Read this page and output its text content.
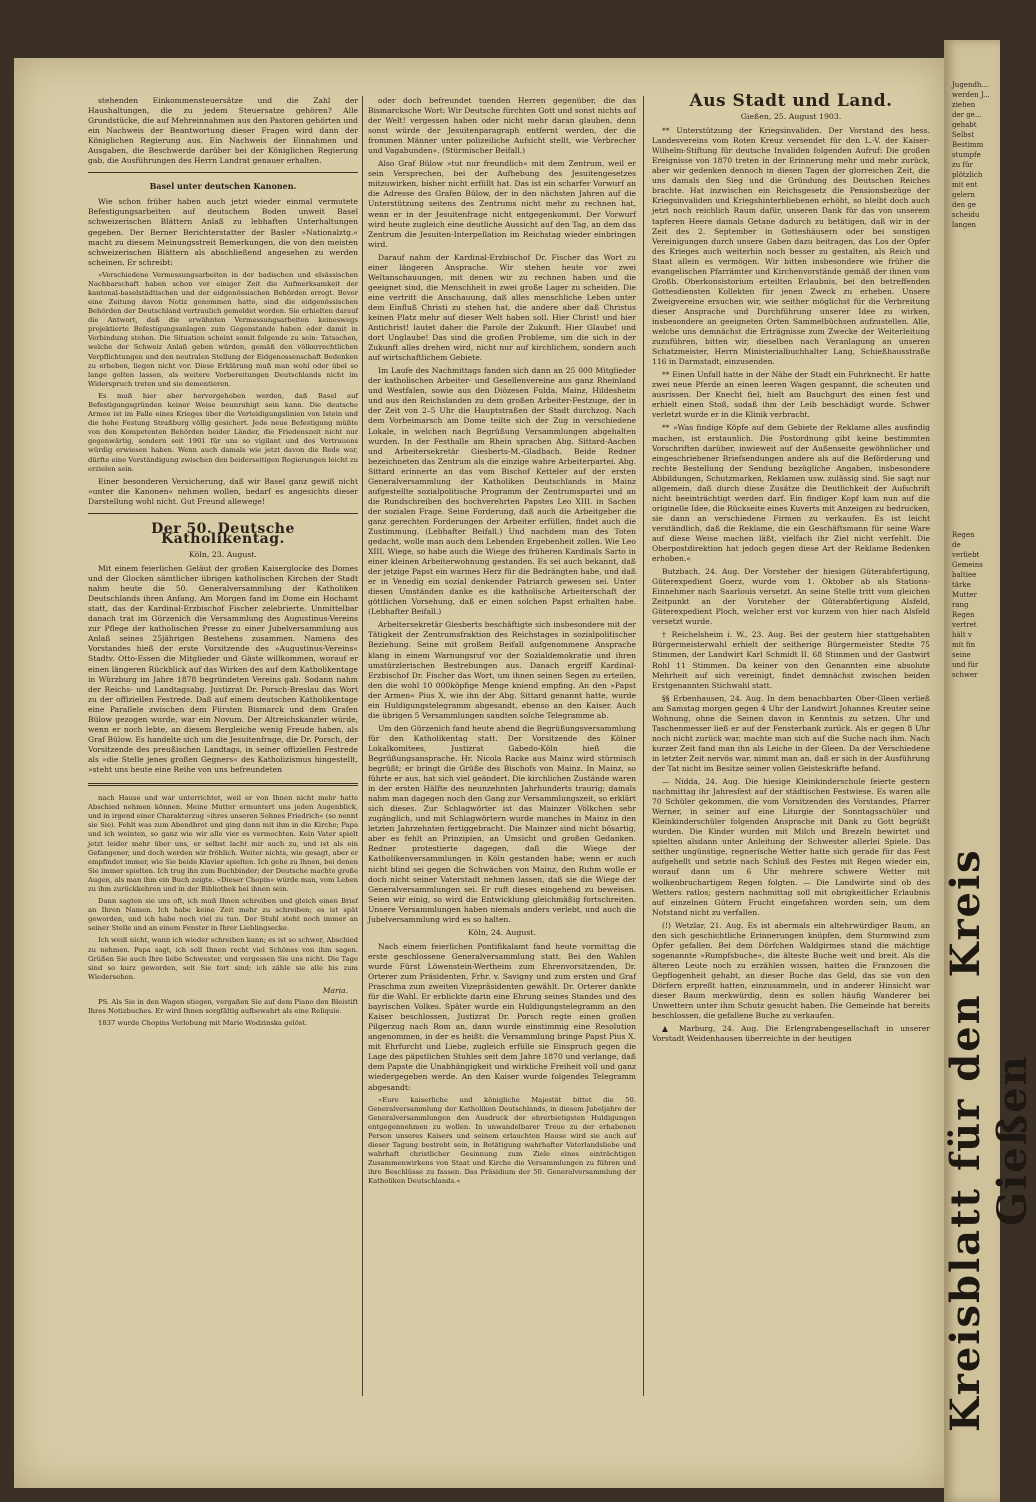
Jugendh...
werden J...
ziehen
der ge...
gehabt
Selbst
Bestimm
stumpfe
zu für
plötzlich
mit ent
gelern
den ge
scheidu
langen
Regen
de
verliebt
Gemeins
baltiee
tärke
Mutter
rang
Regen
vertret
hält v
mit fin
seine
und für
schwer
Kreisblatt für den Kreis Gießen

stehenden Einkommensteuersätze und die Zahl der Haushaltungen, die zu jedem Steuersatze gehören? Alle Grundstücke, die auf Mehreinnahmen aus den Pastoren gehörten und ein Nachweis der Beantwortung dieser Fragen wird dann der Königlichen Regierung aus. Ein Nachweis der Einnahmen und Ausgaben, die Beschwerde darüber bei der Königlichen Regierung gab, die Ausführungen des Herrn Landrat genauer erhalten.

Basel unter deutschen Kanonen.

Wie schon früher haben auch jetzt wieder einmal vermutete Befestigungsarbeiten auf deutschem Boden unweit Basel schweizerischen Blättern Anlaß zu lebhaften Unterhaltungen gegeben. Der Berner Berichterstatter der Basler »Nationalztg.« macht zu diesem Meinungsstreit Bemerkungen, die von den meisten schweizerischen Blättern als abschließend angesehen zu werden scheinen. Er schreibt:

»Verschiedene Vermessungsarbeiten in der badischen und elsässischen Nachbarschaft haben schon vor einiger Zeit die Aufmerksamkeit der kantonal-baselstädtischen und der eidgenössischen Behörden erregt. Bevor eine Zeitung davon Notiz genommen hatte, sind die eidgenössischen Behörden der Deutschland vertraulich gemeldet worden. Sie erhielten darauf die Antwort, daß die erwähnten Vermessungsarbeiten keineswegs projektierte Befestigungsanlagen zum Gegenstande haben oder damit in Verbindung stehen. Die Situation scheint somit folgende zu sein: Tatsachen, welche der Schweiz Anlaß geben würden, gemäß den völkerrechtlichen Verpflichtungen und den neutralen Stellung der Eidgenossenschaft Bedenken zu erheben, liegen nicht vor. Diese Erklärung muß man wohl oder übel so lange gelten lassen, als weitere Vorbereitungen Deutschlands nicht im Widerspruch treten und sie dementieren.

Es muß hier aber hervorgehoben werden, daß Basel auf Befestigungsgründen keiner Weise beunruhigt sein kann. Die deutsche Armee ist im Falle eines Krieges über die Verteidigungslinien von Istein und die hohe Festung Straßburg völlig gesichert. Jede neue Befestigung müßte von den Kompetenten Behörden beider Länder, die Friedenszeit nicht nur gegenwärtig, sondern seit 1901 für uns so vigilant und des Vertrauens würdig erwiesen haben. Wenn auch damals wie jetzt davon die Rede war, dürfte eine Verständigung zwischen den beiderseitigen Regierungen leicht zu erzielen sein.

Einer besonderen Versicherung, daß wir Basel ganz gewiß nicht »unter die Kanonen« nehmen wollen, bedarf es angesichts dieser Darstellung wohl nicht. Gut Freund allewege!

Der 50. Deutsche Katholikentag.
Köln, 23. August.

Mit einem feierlichen Geläut der großen Kaiserglocke des Domes und der Glocken sämtlicher übrigen katholischen Kirchen der Stadt nahm heute die 50. Generalversammlung der Katholiken Deutschlands ihren Anfang. Am Morgen fand im Dome ein Hochamt statt, das der Kardinal-Erzbischof Fischer zelebrierte. Unmittelbar danach trat im Gürzenich die Versammlung des Augustinus-Vereins zur Pflege der katholischen Presse zu einer Jubelversammlung aus Anlaß seines 25jährigen Bestehens zusammen. Namens des Vorstandes hieß der erste Vorsitzende des »Augustinus-Vereins« Stadtv. Otto-Essen die Mitglieder und Gäste willkommen, worauf er einen längeren Rückblick auf das Wirken des auf dem Katholikentage in Würzburg im Jahre 1878 begründeten Vereins gab. Sodann nahm der Reichs- und Landtagsabg. Justizrat Dr. Porsch-Breslau das Wort zu der offiziellen Festrede. Daß auf einem deutschen Katholikentage eine Parallele zwischen dem Fürsten Bismarck und dem Grafen Bülow gezogen wurde, war ein Novum. Der Altreichskanzler würde, wenn er noch lebte, an diesem Bergleiche wenig Freude haben, als Graf Bülow. Es handelte sich um die Jesuitenfrage, die Dr. Porsch, der Vorsitzende des preußischen Landtags, in seiner offiziellen Festrede als »die Stelle jenes großen Gegners« des Katholizismus hingestellt, »steht uns heute eine Reihe von uns befreundeten

nach Hause und war unterrichtet, weil er von Ihnen nicht mehr hatte Abschied nehmen können. Meine Mutter ermuntert uns jeden Augenblick, und in irgend einer Charakterzug »ihres unseren Sohnes Friedrich« (so nennt sie Sie). Fehlt was zum Abendbrot und ging dann mit ihm in die Kirche; Papa und ich weinten, so ganz wie wir alle vier es vermochten. Kein Vater spielt jetzt leider mehr über uns, er selbst lacht mir auch zu, und ist als ein Gefangener, und doch werden wir fröhlich. Weiter nichts, wie gesagt, aber er empfindet immer, wie Sie beide Klavier spielten. Ich gehe zu Ihnen, bei denen Sie immer spielten. Ich trug ihn zum Buchbinder; der Deutsche machte große Augen, als man ihm ein Buch zeigte. »Dieser Chopin« würde man, vom Leben zu ihm zurückkehren und in der Bibliothek bei ihnen sein.

Dann sagten sie uns oft, ich muß Ihnen schreiben und gleich einen Brief an Ihren Namen. Ich habe keine Zeit mehr zu schreiben; es ist spät geworden, und ich habe noch viel zu tun. Der Stuhl steht noch immer an seiner Stelle und an einem Fenster in Ihrer Lieblingsecke.

Ich weiß nicht, wann ich wieder schreiben kann; es ist so schwer, Abschied zu nehmen. Papa sagt, ich soll Ihnen recht viel Schönes von ihm sagen. Grüßen Sie auch Ihre liebe Schwester, und vergessen Sie uns nicht. Die Tage sind so kurz geworden, seit Sie fort sind; ich zähle sie alle bis zum Wiedersehen.

Maria.

PS. Als Sie in den Wagen stiegen, vergaßen Sie auf dem Piano den Bleistift Ihres Notizbuches. Er wird Ihnen sorgfältig aufbewahrt als eine Reliquie.

1837 wurde Chopins Verlobung mit Marie Wodzinska gelöst.

oder doch befreundet tuenden Herren gegenüber, die das Bismarcksche Wort: Wir Deutsche fürchten Gott und sonst nichts auf der Welt! vergessen haben oder nicht mehr daran glauben, denn sonst würde der Jesuitenparagraph entfernt werden, der die frommen Männer unter polizeiliche Aufsicht stellt, wie Verbrecher und Vagabunden«. (Stürmischer Beifall.)

Also Graf Bülow »tut nur freundlich« mit dem Zentrum, weil er sein Versprechen, bei der Aufhebung des Jesuitengesetzes mitzuwirken, bisher nicht erfüllt hat. Das ist ein scharfer Vorwurf an die Adresse des Grafen Bülow, der in den nächsten Jahren auf die Unterstützung seitens des Zentrums nicht mehr zu rechnen hat, wenn er in der Jesuitenfrage nicht entgegenkommt. Der Vorwurf wird heute zugleich eine deutliche Aussicht auf den Tag, an dem das Zentrum die Jesuiten-Interpellation im Reichstag wieder einbringen wird.

Darauf nahm der Kardinal-Erzbischof Dr. Fischer das Wort zu einer längeren Ansprache. Wir stehen heute vor zwei Weltanschauungen, mit denen wir zu rechnen haben und die geeignet sind, die Menschheit in zwei große Lager zu scheiden. Die eine vertritt die Anschauung, daß alles menschliche Leben unter dem Einfluß Christi zu stehen hat, die andere aber daß Christus keinen Platz mehr auf dieser Welt haben soll. Hier Christ! und hier Antichrist! lautet daher die Parole der Zukunft. Hier Glaube! und dort Unglaube! Das sind die großen Probleme, um die sich in der Zukunft alles drehen wird, nicht nur auf kirchlichem, sondern auch auf wirtschaftlichem Gebiete.

Im Laufe des Nachmittags fanden sich dann an 25 000 Mitglieder der katholischen Arbeiter- und Gesellenvereine aus ganz Rheinland und Westfalen, sowie aus den Diözesen Fulda, Mainz, Hildesheim und aus den Reichslanden zu dem großen Arbeiter-Festzuge, der in der Zeit von 2–5 Uhr die Hauptstraßen der Stadt durchzog. Nach dem Vorbeimarsch am Dome teilte sich der Zug in verschiedene Lokale, in welchen nach Begrüßung Versammlungen abgehalten wurden. In der Festhalle am Rhein sprachen Abg. Sittard-Aachen und Arbeitersekretär Giesberts-M.-Gladbach. Beide Redner bezeichneten das Zentrum als die einzige wahre Arbeiterpartei. Abg. Sittard erinnerte an das vom Bischof Ketteler auf der ersten Generalversammlung der Katholiken Deutschlands in Mainz aufgestellte sozialpolitische Programm der Zentrumspartei und an die Rundschreiben des hochverehrten Papstes Leo XIII. in Sachen der sozialen Frage. Seine Forderung, daß auch die Arbeitgeber die ganz gerechten Forderungen der Arbeiter erfüllen, findet auch die Zustimmung. (Lebhafter Beifall.) Und nachdem man des Toten gedacht, wolle man auch dem Lebenden Ergebenheit zollen. Wie Leo XIII. Wiege, so habe auch die Wiege des früheren Kardinals Sarto in einer kleinen Arbeiterwohnung gestanden. Es sei auch bekannt, daß der jetzige Papst ein warmes Herz für die Bedrängten habe, und daß er in Venedig ein sozial denkender Patriarch gewesen sei. Unter diesen Umständen danke es die katholische Arbeiterschaft der göttlichen Vorsehung, daß er einen solchen Papst erhalten habe. (Lebhafter Beifall.)

Arbeitersekretär Giesberts beschäftigte sich insbesondere mit der Tätigkeit der Zentrumsfraktion des Reichstages in sozialpolitischer Beziehung. Seine mit großem Beifall aufgenommene Ansprache klang in einem Warnungsruf vor der Sozialdemokratie und ihren umstürzlerischen Bestrebungen aus. Danach ergriff Kardinal-Erzbischof Dr. Fischer das Wort, um ihnen seinen Segen zu erteilen, den die wohl 10 000köpfige Menge kniend empfing. An den »Papst der Armen« Pius X, wie ihn der Abg. Sittard genannt hatte, wurde ein Huldigungstelegramm abgesandt, ebenso an den Kaiser. Auch die übrigen 5 Versammlungen sandten solche Telegramme ab.

Um den Gürzenich fand heute abend die Begrüßungsversammlung für den Katholikentag statt. Der Vorsitzende des Kölner Lokalkomitees, Justizrat Gabedo-Köln hieß die Begrüßungsansprache. Hr. Nicola Racke aus Mainz wird stürmisch begrüßt; er bringt die Grüße des Bischofs von Mainz. In Mainz, so führte er aus, hat sich viel geändert. Die kirchlichen Zustände waren in der ersten Hälfte des neunzehnten Jahrhunderts traurig; damals nahm man dagegen noch den Gang zur Versammlungszeit, so erklärt sich dieses. Zur Schlagwörter ist das Mainzer Völkchen sehr zugänglich, und mit Schlagwörtern wurde manches in Mainz in den letzten Jahrzehnten fertiggebracht. Die Mainzer sind nicht bösartig, aber es fehlt an Prinzipien, an Umsicht und großen Gedanken. Redner protestierte dagegen, daß die Wiege der Katholikenversammlungen in Köln gestanden habe; wenn er auch nicht blind sei gegen die Schwächen von Mainz, den Ruhm wolle er doch nicht seiner Vaterstadt nehmen lassen, daß sie die Wiege der Generalversammlungen sei. Er ruft dieses eingehend zu beweisen. Seien wir einig, so wird die Entwicklung gleichmäßig fortschreiten. Unsere Versammlungen haben niemals anders verlebt, und auch die Jubelversammlung wird es so halten.

Köln, 24. August.

Nach einem feierlichen Pontifikalamt fand heute vormittag die erste geschlossene Generalversammlung statt. Bei den Wahlen wurde Fürst Löwenstein-Wertheim zum Ehrenvorsitzenden, Dr. Orterer zum Präsidenten, Frhr. v. Savigny und zum ersten und Graf Praschma zum zweiten Vizepräsidenten gewählt. Dr. Orterer dankte für die Wahl. Er erblickte darin eine Ehrung seines Standes und des bayrischen Volkes. Später wurde ein Huldigungstelegramm an den Kaiser beschlossen, Justizrat Dr. Porsch regte einen großen Pilgerzug nach Rom an, dann wurde einstimmig eine Resolution angenommen, in der es heißt: die Versammlung bringe Papst Pius X. mit Ehrfurcht und Liebe, zugleich erfülle sie Einspruch gegen die Lage des päpstlichen Stuhles seit dem Jahre 1870 und verlange, daß dem Papste die Unabhängigkeit und wirkliche Freiheit voll und ganz wiedergegeben werde. An den Kaiser wurde folgendes Telegramm abgesandt:

»Eure kaiserliche und königliche Majestät bittet die 50. Generalversammlung der Katholiken Deutschlands, in diesem Jubeljahre der Generalversammlungen den Ausdruck der ehrerbietigsten Huldigungen entgegennehmen zu wollen. In unwandelbarer Treue zu der erhabenen Person unseres Kaisers und seinem erlauchten Hause wird sie auch auf dieser Tagung bestrebt sein, in Betätigung wahrhafter Vaterlandsliebe und wahrhaft christlicher Gesinnung zum Ziele eines einträchtigen Zusammenwirkens von Staat und Kirche die Versammlungen zu führen und ihre Beschlüsse zu fassen. Das Präsidium der 50. Generalversammlung der Katholiken Deutschlands.«

Aus Stadt und Land.
Gießen, 25. August 1903.

** Unterstützung der Kriegsinvaliden. Der Vorstand des hess. Landesvereins vom Roten Kreuz versendet für den L.-V. der Kaiser-Wilhelm-Stiftung für deutsche Invaliden folgenden Aufruf: Die großen Ereignisse von 1870 treten in der Erinnerung mehr und mehr zurück, aber wir gedenken dennoch in diesen Tagen der glorreichen Zeit, die uns damals den Sieg und die Gründung des Deutschen Reiches brachte. Hat inzwischen ein Reichsgesetz die Pensionsbezüge der Kriegsinvaliden und Kriegshinterbliebenen erhöht, so bleibt doch auch jetzt noch reichlich Raum dafür, unseren Dank für das von unserem tapferen Heere damals Getane dadurch zu betätigen, daß wir in der Zeit des 2. September in Gotteshäusern oder bei sonstigen Vereinigungen durch unsere Gaben dazu beitragen, das Los der Opfer des Krieges auch weiterhin noch besser zu gestalten, als Reich und Staat allein es vermögen. Wir bitten insbesondere wie früher die evangelischen Pfarrämter und Kirchenvorstände gemäß der ihnen vom Großh. Oberkonsistorium erteilten Erlaubnis, bei den betreffenden Gottesdiensten Kollekten für jenen Zweck zu erheben. Unsere Zweigvereine ersuchen wir, wie seither möglichst für die Verbreitung dieser Ansprache und Durchführung unserer Idee zu wirken, insbesondere an geeigneten Orten Sammelbüchsen aufzustellen. Alle, welche uns demnächst die Erträgnisse zum Zwecke der Weiterleitung zuzuführen, bitten wir, dieselben nach Veranlagung an unseren Schatzmeister, Herrn Ministerialbuchhalter Lang, Schießhausstraße 116 in Darmstadt, einzusenden.

** Einen Unfall hatte in der Nähe der Stadt ein Fuhrknecht. Er hatte zwei neue Pferde an einen leeren Wagen gespannt, die scheuten und ausrissen. Der Knecht fiel, hielt am Bauchgurt des einen fest und erhielt einen Stoß, sodaß ihm der Leib beschädigt wurde. Schwer verletzt wurde er in die Klinik verbracht.

** »Was findige Köpfe auf dem Gebiete der Reklame alles ausfindig machen, ist erstaunlich. Die Postordnung gibt keine bestimmten Vorschriften darüber, inwieweit auf der Außenseite gewöhnlicher und eingeschriebener Briefsendungen andere als auf die Beförderung und rechte Bestellung der Sendung bezügliche Angaben, insbesondere Abbildungen, Schutzmarken, Reklamen usw. zulässig sind. Sie sagt nur allgemein, daß durch diese Zusätze die Deutlichkeit der Aufschrift nicht beeinträchtigt werden darf. Ein findiger Kopf kam nun auf die originelle Idee, die Rückseite eines Kuverts mit Anzeigen zu bedrucken, sie dann an verschiedene Firmen zu verkaufen. Es ist leicht verständlich, daß die Reklame, die ein Geschäftsmann für seine Ware auf diese Weise machen läßt, vielfach ihr Ziel nicht verfehlt. Die Oberpostdirektion hat jedoch gegen diese Art der Reklame Bedenken erhoben.«

Butzbach, 24. Aug. Der Vorsteher der hiesigen Güterabfertigung, Güterexpedient Goerz, wurde vom 1. Oktober ab als Stations-Einnehmer nach Saarlouis versetzt. An seine Stelle tritt vom gleichen Zeitpunkt an der Vorsteher der Güterabfertigung Alsfeld, Güterexpedient Ploch, welcher erst vor kurzem von hier nach Alsfeld versetzt wurde.

† Reichelsheim i. W., 23. Aug. Bei der gestern hier stattgehabten Bürgermeisterwahl erhielt der seitherige Bürgermeister Stedte 75 Stimmen, der Landwirt Karl Schmidt II. 68 Stimmen und der Gastwirt Rohl 11 Stimmen. Da keiner von den Genannten eine absolute Mehrheit auf sich vereinigt, findet demnächst zwischen beiden Erstgenannten Stichwahl statt.

§§ Erbenhausen, 24. Aug. In dem benachbarten Ober-Gleen verließ am Samstag morgen gegen 4 Uhr der Landwirt Johannes Kreuter seine Wohnung, ohne die Seinen davon in Kenntnis zu setzen. Uhr und Taschenmesser ließ er auf der Fensterbank zurück. Als er gegen 8 Uhr noch nicht zurück war, machte man sich auf die Suche nach ihm. Nach kurzer Zeit fand man ihn als Leiche in der Gleen. Da der Verschiedene in letzter Zeit nervös war, nimmt man an, daß er sich in der Ausführung der Tat nicht im Besitze seiner vollen Geisteskräfte befand.

— Nidda, 24. Aug. Die hiesige Kleinkinderschule feierte gestern nachmittag ihr Jahresfest auf der städtischen Festwiese. Es waren alle 70 Schüler gekommen, die vom Vorsitzenden des Vorstandes, Pfarrer Werner, in seiner auf eine Liturgie der Sonntagsschüler und Kleinkinderschüler folgenden Ansprache mit Dank zu Gott begrüßt wurden. Die Kinder wurden mit Milch und Brezeln bewirtet und spielten alsdann unter Anleitung der Schwester allerlei Spiele. Das seither ungünstige, regnerische Wetter hatte sich gerade für das Fest aufgehellt und setzte nach Schluß des Festes mit Regen wieder ein, worauf dann um 6 Uhr mehrere schwere Wetter mit wolkenbruchartigem Regen folgten. — Die Landwirte sind ob des Wetters ratlos; gestern nachmittag soll mit obrigkeitlicher Erlaubnis auf einzelnen Gütern Frucht eingefahren worden sein, um dem Notstand nicht zu verfallen.

(!) Wetzlar, 21. Aug. Es ist abermals ein altehrwürdiger Baum, an den sich geschichtliche Erinnerungen knüpfen, dem Sturmwind zum Opfer gefallen. Bei dem Dörfchen Waldgirmes stand die mächtige sogenannte »Rumpfsbuche«, die älteste Buche weit und breit. Als die älteren Leute noch zu erzählen wissen, hatten die Franzosen die Gepflogenheit gehabt, an dieser Buche das Geld, das sie von den Dörfern erpreßt hatten, einzusammeln, und in anderer Hinsicht war dieser Baum merkwürdig, denn es sollen häufig Wanderer bei Unwettern unter ihm Schutz gesucht haben. Die Gemeinde hat bereits beschlossen, die gefallene Buche zu verkaufen.

▲ Marburg, 24. Aug. Die Erlengrabengesellschaft in unserer Vorstadt Weidenhausen überreichte in der heutigen
